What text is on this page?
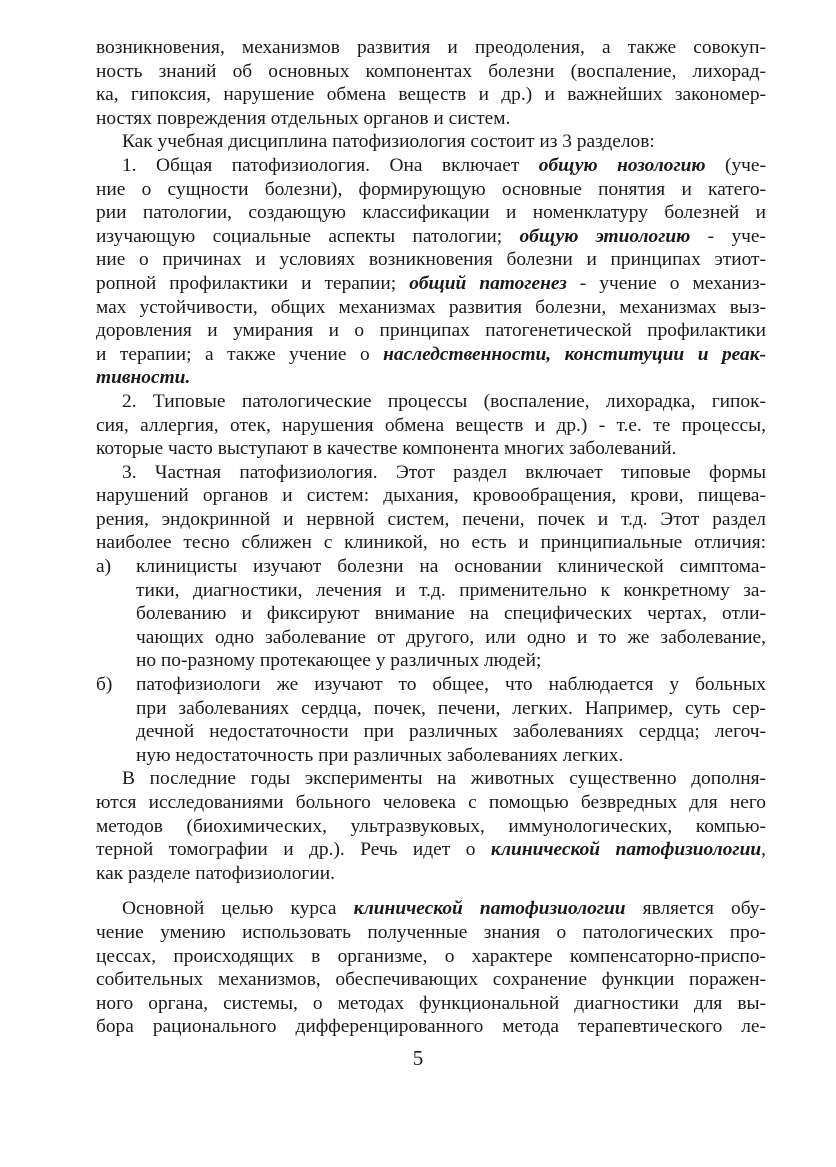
возникновения, механизмов развития и преодоления, а также совокуп-
ность знаний об основных компонентах болезни (воспаление, лихорад-
ка, гипоксия, нарушение обмена веществ и др.) и важнейших закономер-
ностях повреждения отдельных органов и систем.
Как учебная дисциплина патофизиология состоит из 3 разделов:
1. Общая патофизиология. Она включает общую нозологию (уче-
ние о сущности болезни), формирующую основные понятия и катего-
рии патологии, создающую классификации и номенклатуру болезней и
изучающую социальные аспекты патологии; общую этиологию - уче-
ние о причинах и условиях возникновения болезни и принципах этиот-
ропной профилактики и терапии; общий патогенез - учение о механиз-
мах устойчивости, общих механизмах развития болезни, механизмах выз-
доровления и умирания и о принципах патогенетической профилактики
и терапии; а также учение о наследственности, конституции и реак-
тивности.
2. Типовые патологические процессы (воспаление, лихорадка, гипок-
сия, аллергия, отек, нарушения обмена веществ и др.) - т.е. те процессы,
которые часто выступают в качестве компонента многих заболеваний.
3. Частная патофизиология. Этот раздел включает типовые формы
нарушений органов и систем: дыхания, кровообращения, крови, пищева-
рения, эндокринной и нервной систем, печени, почек и т.д. Этот раздел
наиболее тесно сближен с клиникой, но есть и принципиальные отличия:
а) клиницисты изучают болезни на основании клинической симптома-
тики, диагностики, лечения и т.д. применительно к конкретному за-
болеванию и фиксируют внимание на специфических чертах, отли-
чающих одно заболевание от другого, или одно и то же заболевание,
но по-разному протекающее у различных людей;
б) патофизиологи же изучают то общее, что наблюдается у больных
при заболеваниях сердца, почек, печени, легких. Например, суть сер-
дечной недостаточности при различных заболеваниях сердца; легоч-
ную недостаточность при различных заболеваниях легких.
В последние годы эксперименты на животных существенно дополня-
ются исследованиями больного человека с помощью безвредных для него
методов (биохимических, ультразвуковых, иммунологических, компью-
терной томографии и др.). Речь идет о клинической патофизиологии,
как разделе патофизиологии.
Основной целью курса клинической патофизиологии является обу-
чение умению использовать полученные знания о патологических про-
цессах, происходящих в организме, о характере компенсаторно-приспо-
собительных механизмов, обеспечивающих сохранение функции поражен-
ного органа, системы, о методах функциональной диагностики для вы-
бора рационального дифференцированного метода терапевтического ле-
5
